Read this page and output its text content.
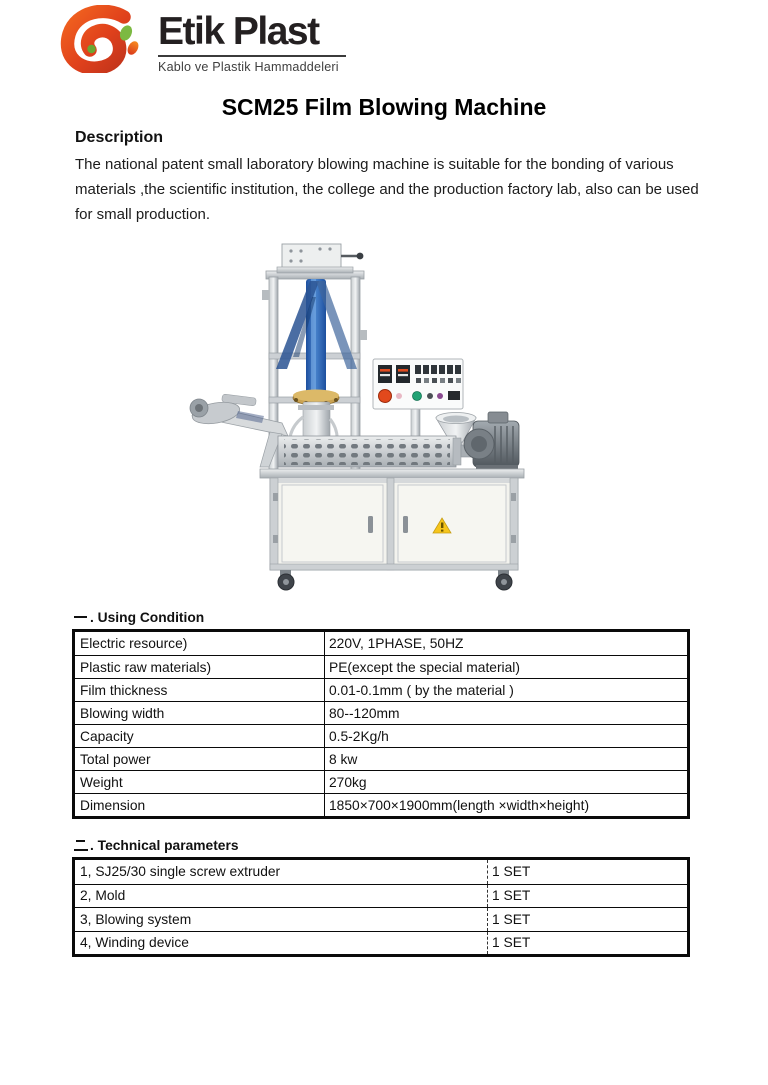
Etik Plast
Kablo ve Plastik Hammaddeleri
SCM25 Film Blowing Machine
Description
The national patent small laboratory blowing machine is suitable for the bonding of various materials ,the scientific institution, the college and the production factory lab, also can be used for small production.
. Using Condition
Electric resource)	220V, 1PHASE, 50HZ
Plastic raw materials)	PE(except the special material)
Film thickness	0.01-0.1mm ( by the material )
Blowing width	80--120mm
Capacity	0.5-2Kg/h
Total power	8 kw
Weight	270kg
Dimension	1850×700×1900mm(length ×width×height)
. Technical parameters
1, SJ25/30 single screw extruder	1 SET
2, Mold	1 SET
3, Blowing system	1 SET
4, Winding device	1 SET
